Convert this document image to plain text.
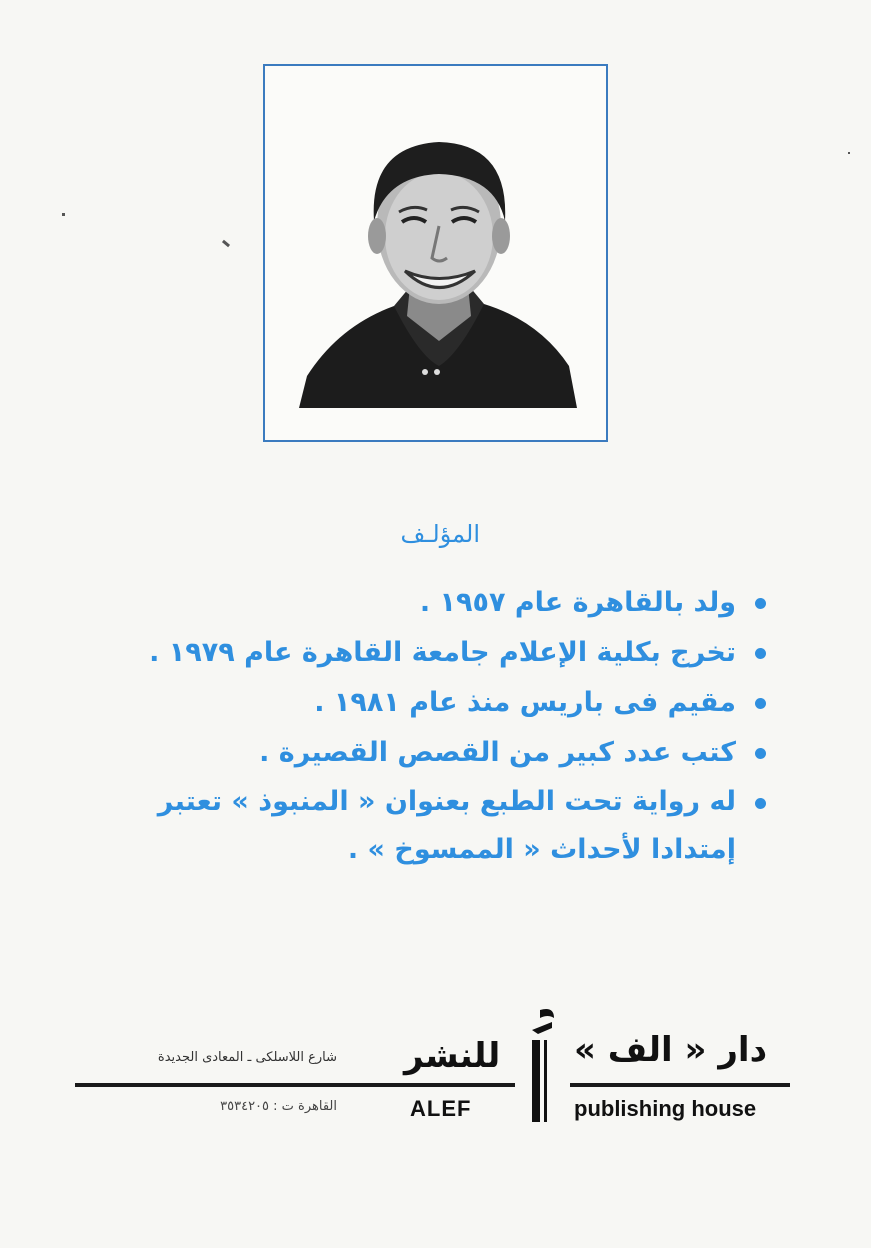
المؤلـف
ولد بالقاهرة عام ١٩٥٧ .
تخرج بكلية الإعلام جامعة القاهرة عام ١٩٧٩ .
مقيم فى باريس منذ عام ١٩٨١ .
كتب عدد كبير من القصص القصيرة .
له رواية تحت الطبع بعنوان « المنبوذ » تعتبر إمتدادا لأحداث « الممسوخ » .
شارع اللاسلكى ـ المعادى الجديدة للنشر دار « الف »
القاهرة ت : ٣٥٣٤٢٠٥	ALEF	publishing house
